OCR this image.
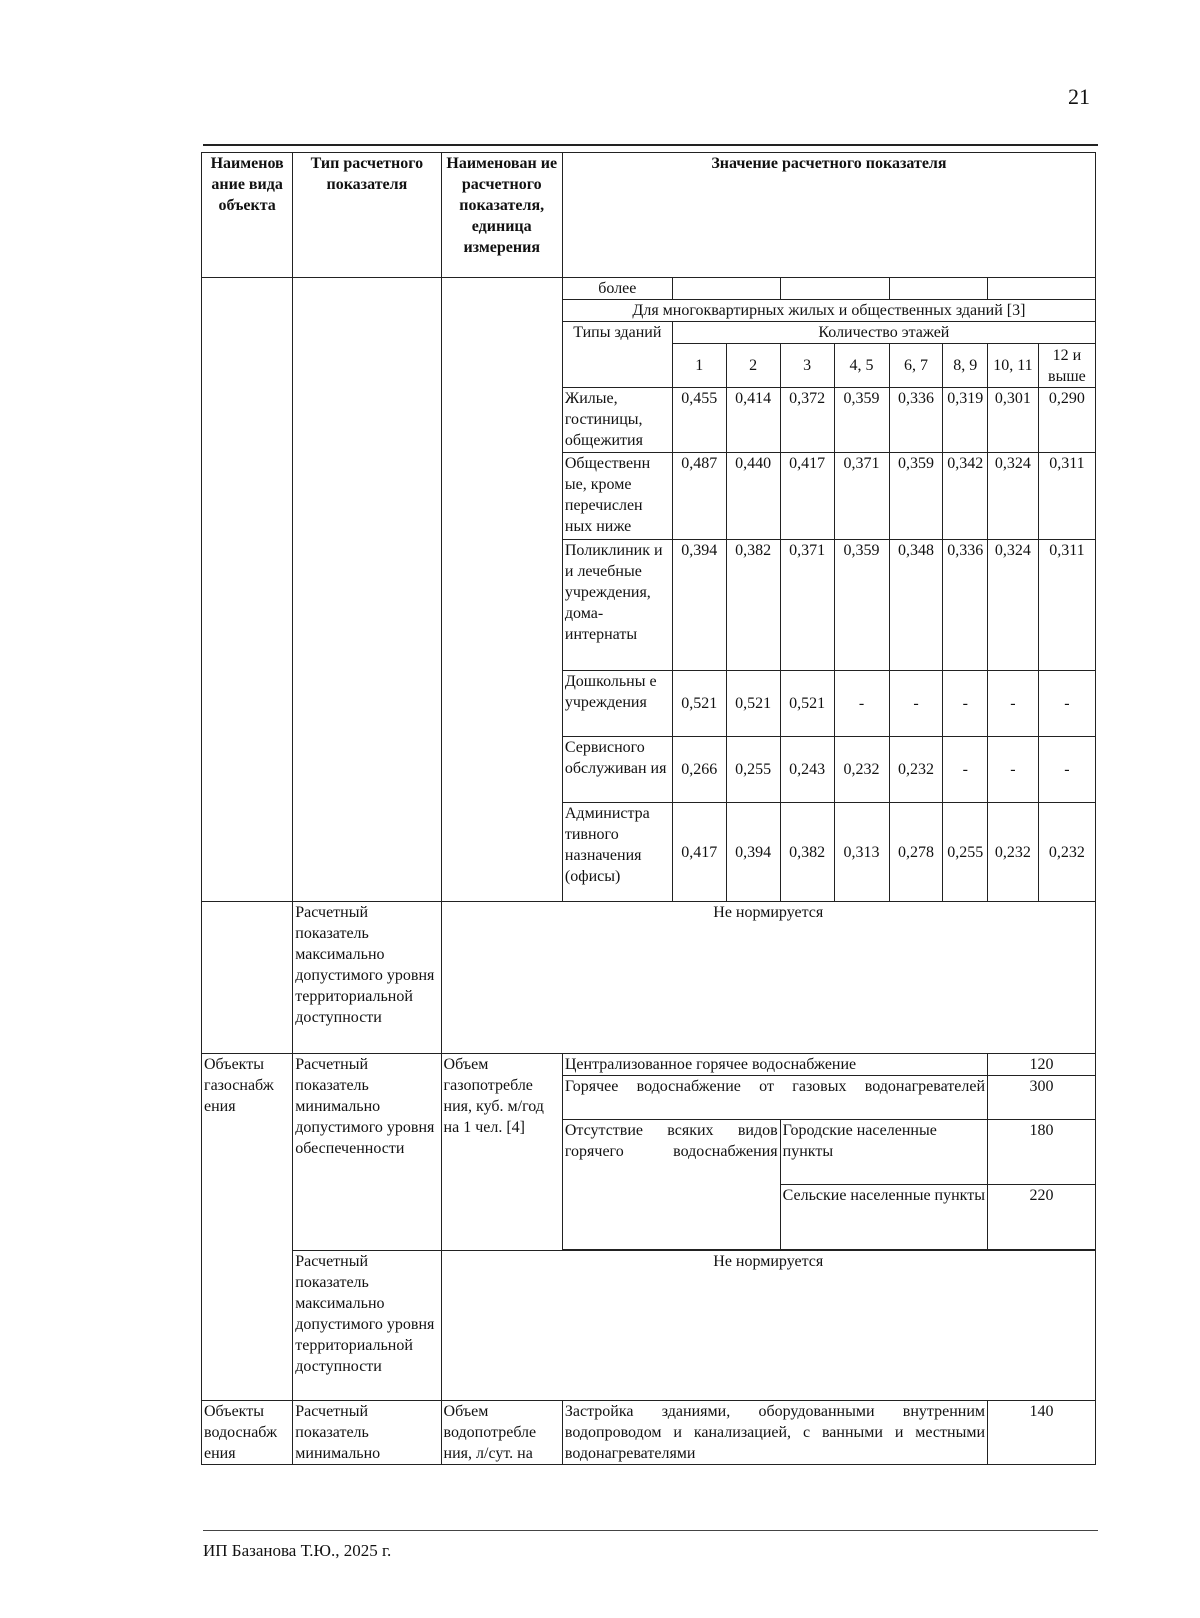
21
Наименов ание вида объекта	Тип расчетного показателя	Наименован ие расчетного показателя, единица измерения	Значение расчетного показателя								
			более								
			Для многоквартирных жилых и общественных зданий [3]								
			Типы зданий	Количество этажей							
				1	2	3	4, 5	6, 7	8, 9	10, 11	12 и выше
			Жилые, гостиницы, общежития	0,455	0,414	0,372	0,359	0,336	0,319	0,301	0,290
			Общественн ые, кроме перечислен ных ниже	0,487	0,440	0,417	0,371	0,359	0,342	0,324	0,311
			Поликлиник и и лечебные учреждения, дома-интернаты	0,394	0,382	0,371	0,359	0,348	0,336	0,324	0,311
			Дошкольны е учреждения	0,521	0,521	0,521	-	-	-	-	-
			Сервисного обслуживан ия	0,266	0,255	0,243	0,232	0,232	-	-	-
			Администра тивного назначения (офисы)	0,417	0,394	0,382	0,313	0,278	0,255	0,232	0,232
	Расчетный показатель максимально допустимого уровня территориальной доступности	Не нормируется									
Объекты газоснабж ения	Расчетный показатель минимально допустимого уровня обеспеченности	Объем газопотребле ния, куб. м/год на 1 чел. [4]	Централизованное горячее водоснабжение							120	
			Горячее водоснабжение от газовых водонагревателей							300	

			Отсутствие всяких видов горячего водоснабжения			Городские населенные пункты				180	
						Сельские населенные пункты				220	

	Расчетный показатель максимально допустимого уровня территориальной доступности	Не нормируется									
Объекты водоснабж ения	Расчетный показатель минимально	Объем водопотребле ния, л/сут. на	Застройка зданиями, оборудованными внутренним водопроводом и канализацией, с ванными и местными водонагревателями							140	
ИП Базанова Т.Ю., 2025 г.
